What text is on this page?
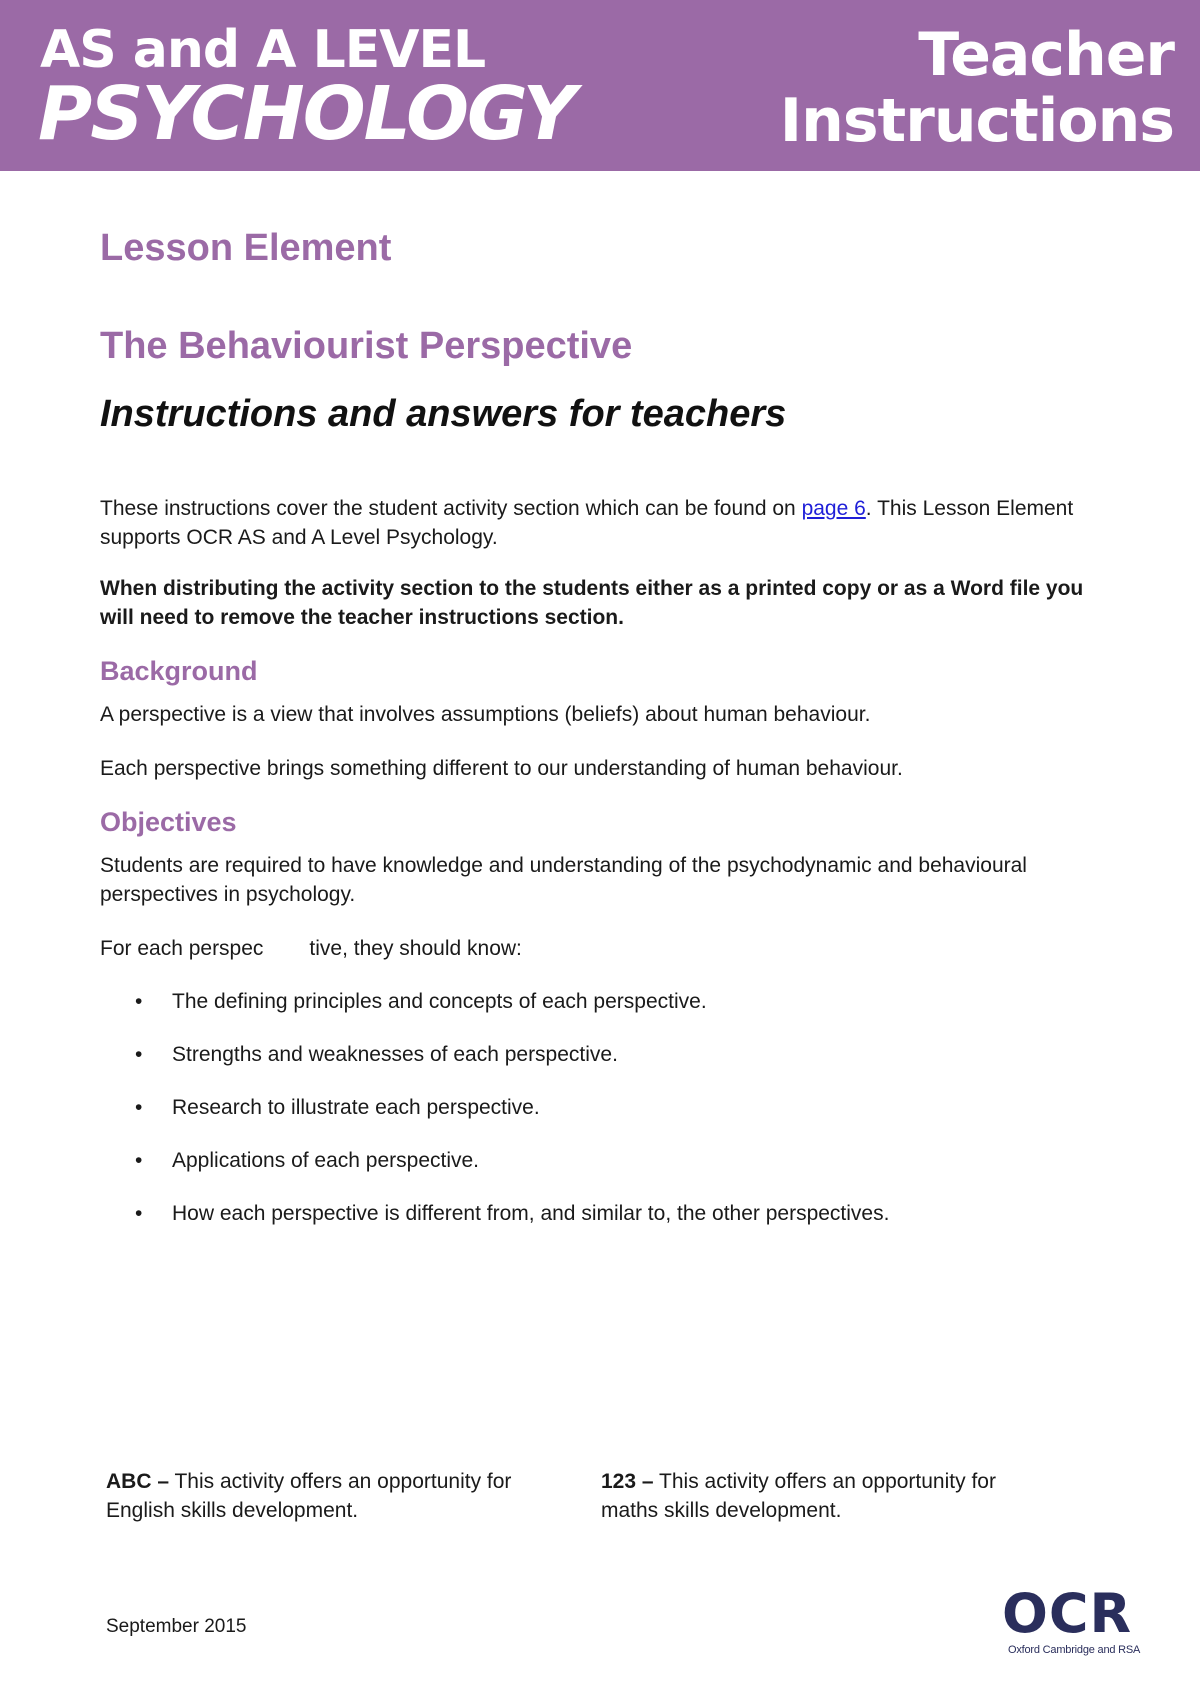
AS and A LEVEL
PSYCHOLOGY
Teacher
Instructions
Lesson Element
The Behaviourist Perspective
Instructions and answers for teachers

These instructions cover the student activity section which can be found on page 6. This Lesson Element supports OCR AS and A Level Psychology.

When distributing the activity section to the students either as a printed copy or as a Word file you will need to remove the teacher instructions section.

Background

A perspective is a view that involves assumptions (beliefs) about human behaviour.

Each perspective brings something different to our understanding of human behaviour.

Objectives

Students are required to have knowledge and understanding of the psychodynamic and behavioural perspectives in psychology.

For each perspec tive, they should know:

• The defining principles and concepts of each perspective.
• Strengths and weaknesses of each perspective.
• Research to illustrate each perspective.
• Applications of each perspective.
• How each perspective is different from, and similar to, the other perspectives.
ABC – This activity offers an opportunity for English skills development.
123 – This activity offers an opportunity for maths skills development.
September 2015	OCR
Oxford Cambridge and RSA
